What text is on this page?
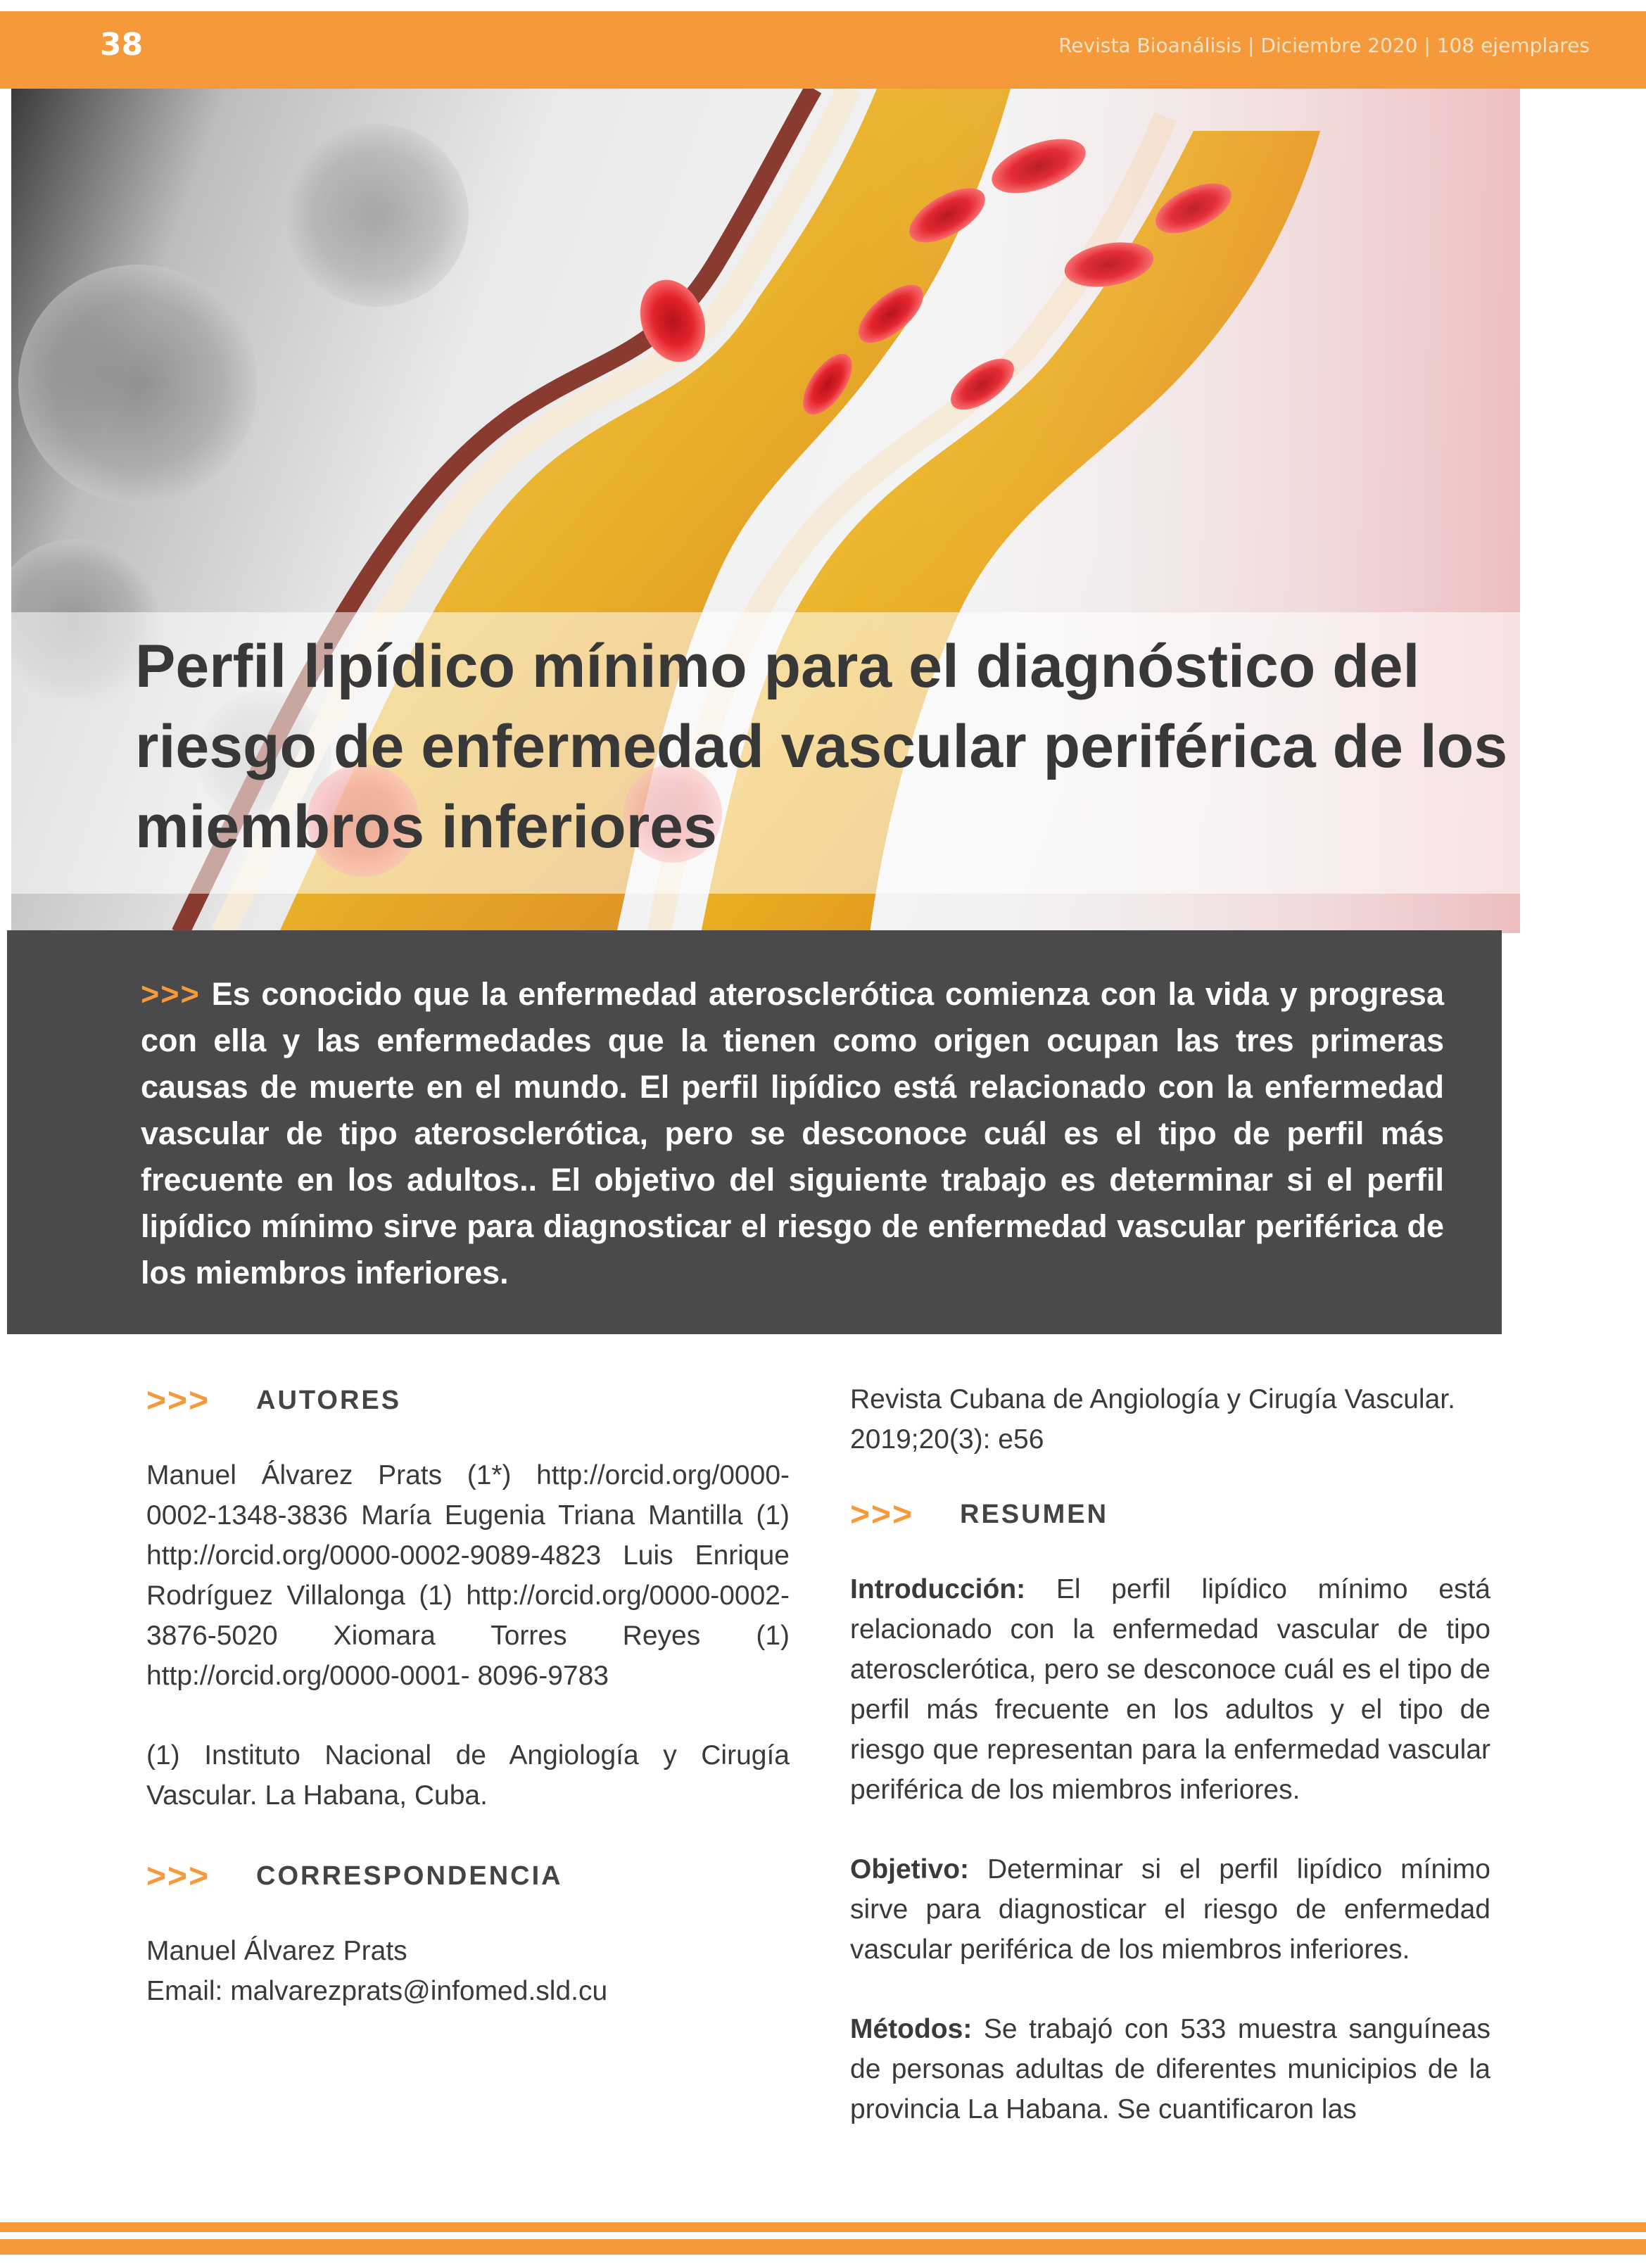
38	Revista Bioanálisis | Diciembre 2020 | 108 ejemplares
Perfil lipídico mínimo para el diagnóstico del riesgo de enfermedad vascular periférica de los miembros inferiores

>>> Es conocido que la enfermedad aterosclerótica comienza con la vida y progresa con ella y las enfermedades que la tienen como origen ocupan las tres primeras causas de muerte en el mundo. El perfil lipídico está relacionado con la enfermedad vascular de tipo aterosclerótica, pero se desconoce cuál es el tipo de perfil más frecuente en los adultos.. El objetivo del siguiente trabajo es determinar si el perfil lipídico mínimo sirve para diagnosticar el riesgo de enfermedad vascular periférica de los miembros inferiores.

>>>	AUTORES

Manuel Álvarez Prats (1*) http://orcid.org/0000-0002-1348-3836 María Eugenia Triana Mantilla (1) http://orcid.org/0000-0002-9089-4823 Luis Enrique Rodríguez Villalonga (1) http://orcid.org/0000-0002-3876-5020 Xiomara Torres Reyes (1) http://orcid.org/0000-0001- 8096-9783

(1) Instituto Nacional de Angiología y Cirugía Vascular. La Habana, Cuba.

>>>	CORRESPONDENCIA

Manuel Álvarez Prats

Email: malvarezprats@infomed.sld.cu

Revista Cubana de Angiología y Cirugía Vascular. 2019;20(3): e56

>>>	RESUMEN

Introducción: El perfil lipídico mínimo está relacionado con la enfermedad vascular de tipo aterosclerótica, pero se desconoce cuál es el tipo de perfil más frecuente en los adultos y el tipo de riesgo que representan para la enfermedad vascular periférica de los miembros inferiores.

Objetivo: Determinar si el perfil lipídico mínimo sirve para diagnosticar el riesgo de enfermedad vascular periférica de los miembros inferiores.

Métodos: Se trabajó con 533 muestra sanguíneas de personas adultas de diferentes municipios de la provincia La Habana. Se cuantificaron las
